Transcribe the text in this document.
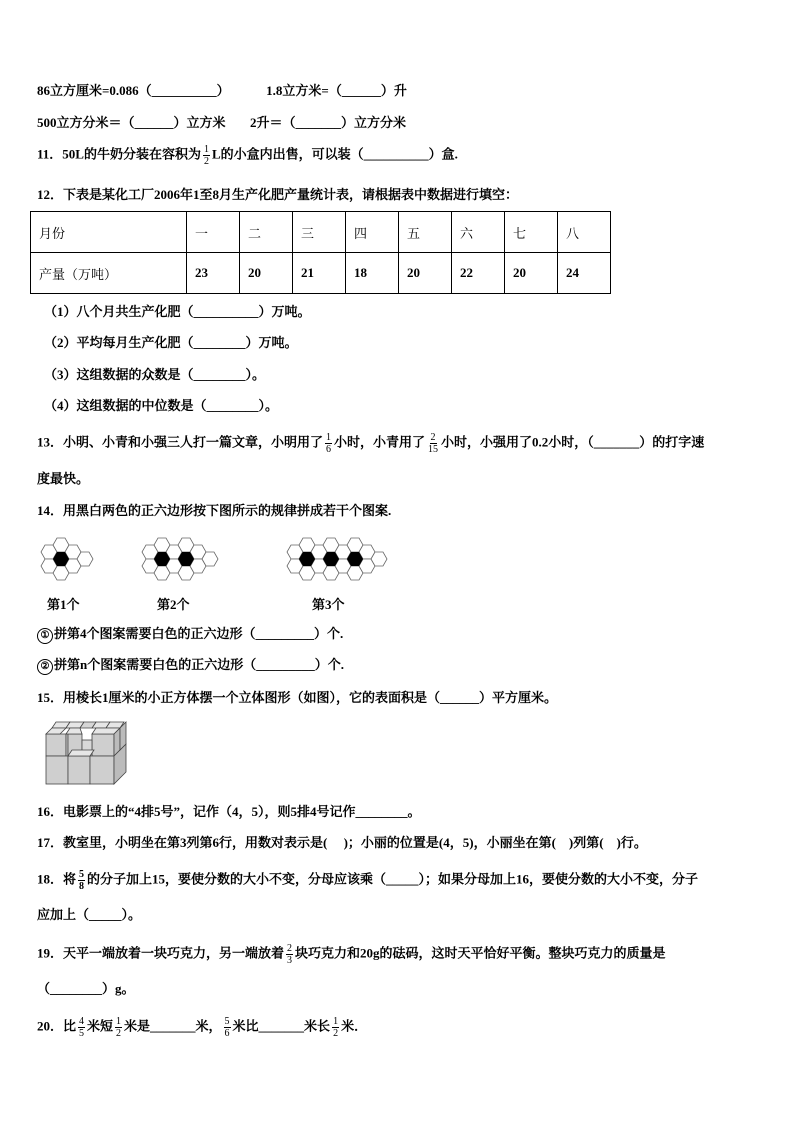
86立方厘米=0.086（__________）	1.8立方米=（______）升
500立方分米＝（______）立方米 2升＝（_______）立方分米
11．50L的牛奶分装在容积为 $\frac{1}{2}$ L的小盒内出售，可以装（__________）盒.
12．下表是某化工厂2006年1至8月生产化肥产量统计表，请根据表中数据进行填空：
月份	一	二	三	四	五	六	七	八
产量（万吨）	23	20	21	18	20	22	20	24
（1）八个月共生产化肥（__________）万吨。
（2）平均每月生产化肥（________）万吨。
（3）这组数据的众数是（________）。
（4）这组数据的中位数是（________）。
13．小明、小青和小强三人打一篇文章，小明用了 $\frac{1}{6}$ 小时，小青用了 $\frac{2}{15}$ 小时，小强用了0.2小时，（_______）的打字速
度最快。
14．用黑白两色的正六边形按下图所示的规律拼成若干个图案.
第1个	第2个	第3个
① 拼第4个图案需要白色的正六边形（_________）个.
② 拼第n个图案需要白色的正六边形（_________）个.
15．用棱长1厘米的小正方体摆一个立体图形（如图），它的表面积是（______）平方厘米。
16．电影票上的“4排5号”，记作（4，5），则5排4号记作________。
17．教室里，小明坐在第3列第6行，用数对表示是(　 )；小丽的位置是(4，5)，小丽坐在第(　)列第(　)行。
18．将 $\frac{5}{8}$ 的分子加上15，要使分数的大小不变，分母应该乘（_____）；如果分母加上16，要使分数的大小不变，分子
应加上（_____）。
19．天平一端放着一块巧克力，另一端放着 $\frac{2}{3}$ 块巧克力和20g的砝码，这时天平恰好平衡。整块巧克力的质量是
（________）g。
20．比 $\frac{4}{5}$ 米短 $\frac{1}{2}$ 米是_______米， $\frac{5}{6}$ 米比_______米长 $\frac{1}{2}$ 米．
